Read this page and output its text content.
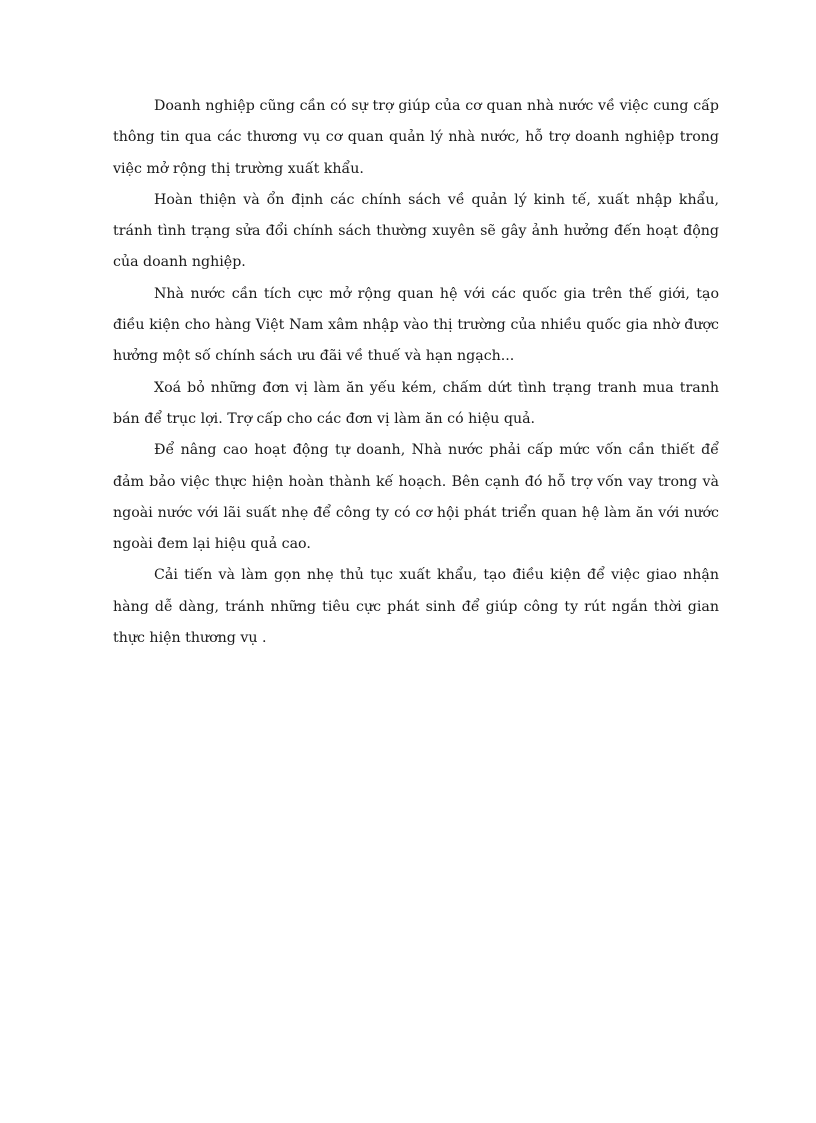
Doanh nghiệp cũng cần có sự trợ giúp của cơ quan nhà nước về việc cung cấp thông tin qua các thương vụ cơ quan quản lý nhà nước, hỗ trợ doanh nghiệp trong việc mở rộng thị trường xuất khẩu.

Hoàn thiện và ổn định các chính sách về quản lý kinh tế, xuất nhập khẩu, tránh tình trạng sửa đổi chính sách thường xuyên sẽ gây ảnh hưởng đến hoạt động của doanh nghiệp.

Nhà nước cần tích cực mở rộng quan hệ với các quốc gia trên thế giới, tạo điều kiện cho hàng Việt Nam xâm nhập vào thị trường của nhiều quốc gia nhờ được hưởng một số chính sách ưu đãi về thuế và hạn ngạch...

Xoá bỏ những đơn vị làm ăn yếu kém, chấm dứt tình trạng tranh mua tranh bán để trục lợi. Trợ cấp cho các đơn vị làm ăn có hiệu quả.

Để nâng cao hoạt động tự doanh, Nhà nước phải cấp mức vốn cần thiết để đảm bảo việc thực hiện hoàn thành kế hoạch. Bên cạnh đó hỗ trợ vốn vay trong và ngoài nước với lãi suất nhẹ để công ty có cơ hội phát triển quan hệ làm ăn với nước ngoài đem lại hiệu quả cao.

Cải tiến và làm gọn nhẹ thủ tục xuất khẩu, tạo điều kiện để việc giao nhận hàng dễ dàng, tránh những tiêu cực phát sinh để giúp công ty rút ngắn thời gian thực hiện thương vụ .
